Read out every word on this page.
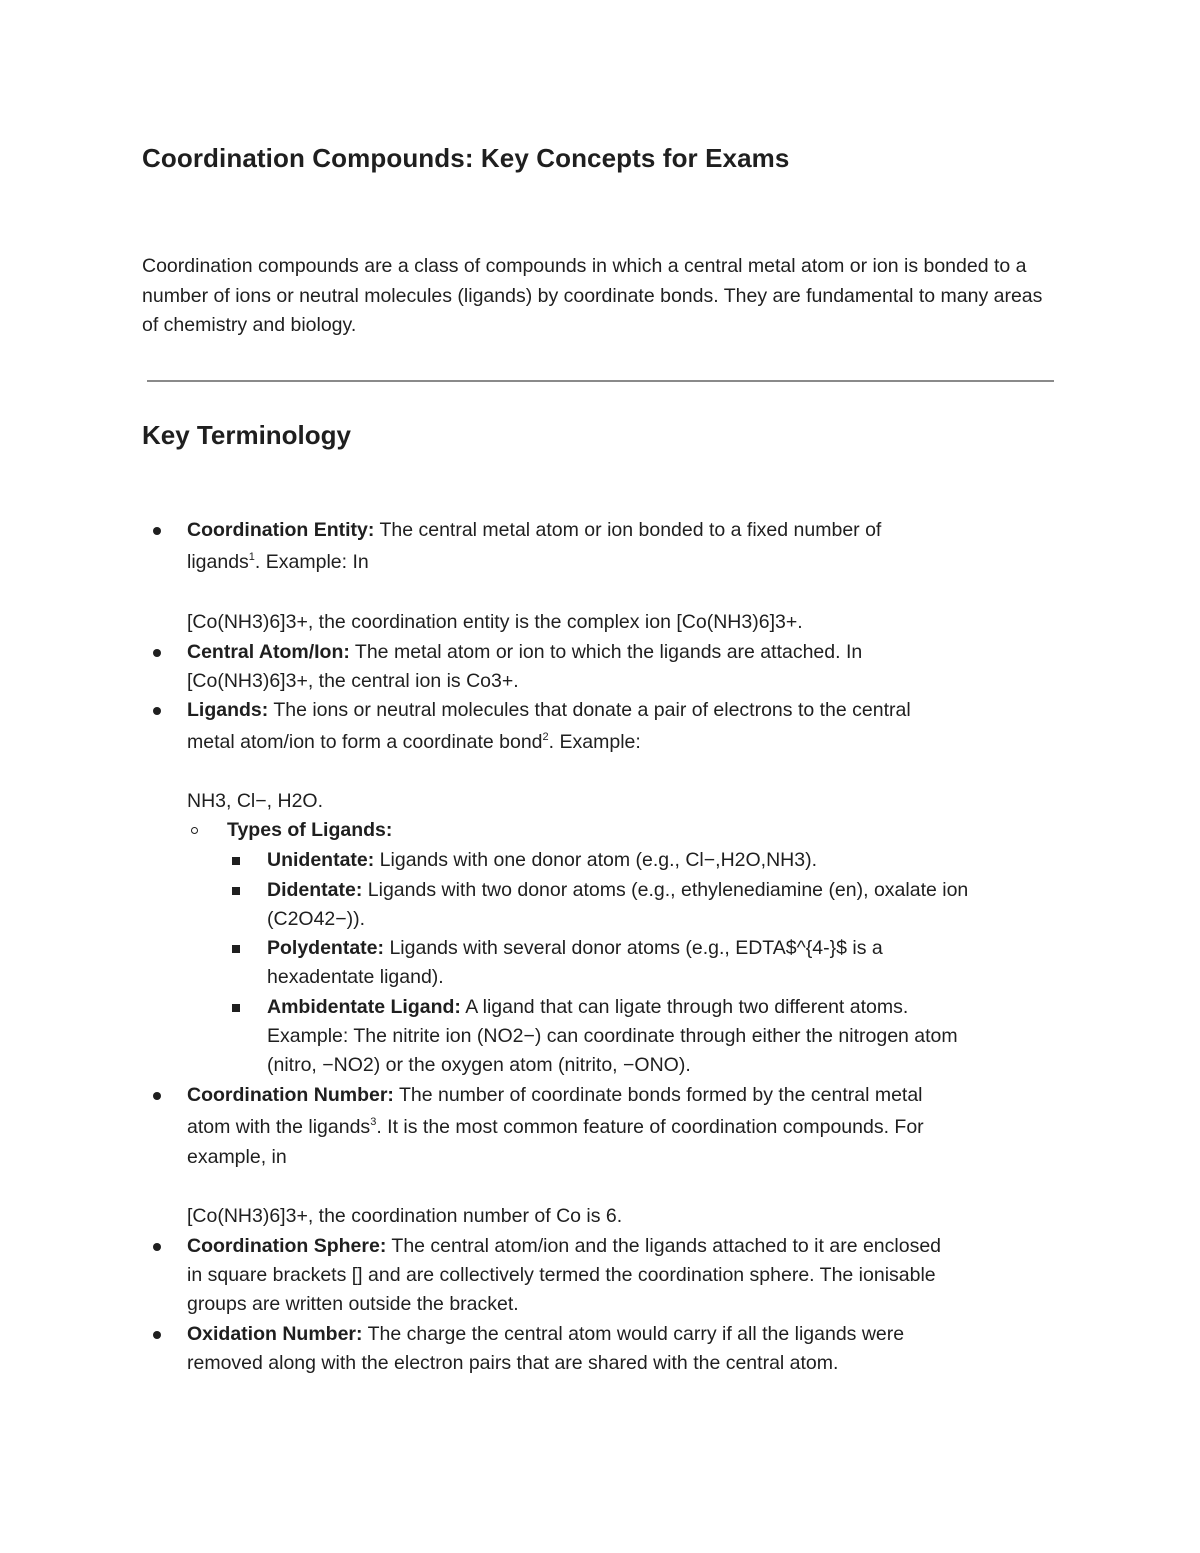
Coordination Compounds: Key Concepts for Exams

Coordination compounds are a class of compounds in which a central metal atom or ion is bonded to a number of ions or neutral molecules (ligands) by coordinate bonds. They are fundamental to many areas of chemistry and biology.

Key Terminology

Coordination Entity: The central metal atom or ion bonded to a fixed number of

ligands$^1$. Example: In

[Co(NH3)6]3+, the coordination entity is the complex ion [Co(NH3)6]3+.

Central Atom/Ion: The metal atom or ion to which the ligands are attached. In

[Co(NH3)6]3+, the central ion is Co3+.

Ligands: The ions or neutral molecules that donate a pair of electrons to the central

metal atom/ion to form a coordinate bond$^2$. Example:

NH3, Cl−, H2O.

Types of Ligands:

Unidentate: Ligands with one donor atom (e.g., Cl−,H2O,NH3).

Didentate: Ligands with two donor atoms (e.g., ethylenediamine (en), oxalate ion

(C2O42−)).

Polydentate: Ligands with several donor atoms (e.g., EDTA$^{4-}$ is a

hexadentate ligand).

Ambidentate Ligand: A ligand that can ligate through two different atoms.

Example: The nitrite ion (NO2−) can coordinate through either the nitrogen atom

(nitro, −NO2) or the oxygen atom (nitrito, −ONO).

Coordination Number: The number of coordinate bonds formed by the central metal

atom with the ligands$^3$. It is the most common feature of coordination compounds. For

example, in

[Co(NH3)6]3+, the coordination number of Co is 6.

Coordination Sphere: The central atom/ion and the ligands attached to it are enclosed

in square brackets [] and are collectively termed the coordination sphere. The ionisable

groups are written outside the bracket.

Oxidation Number: The charge the central atom would carry if all the ligands were

removed along with the electron pairs that are shared with the central atom.
